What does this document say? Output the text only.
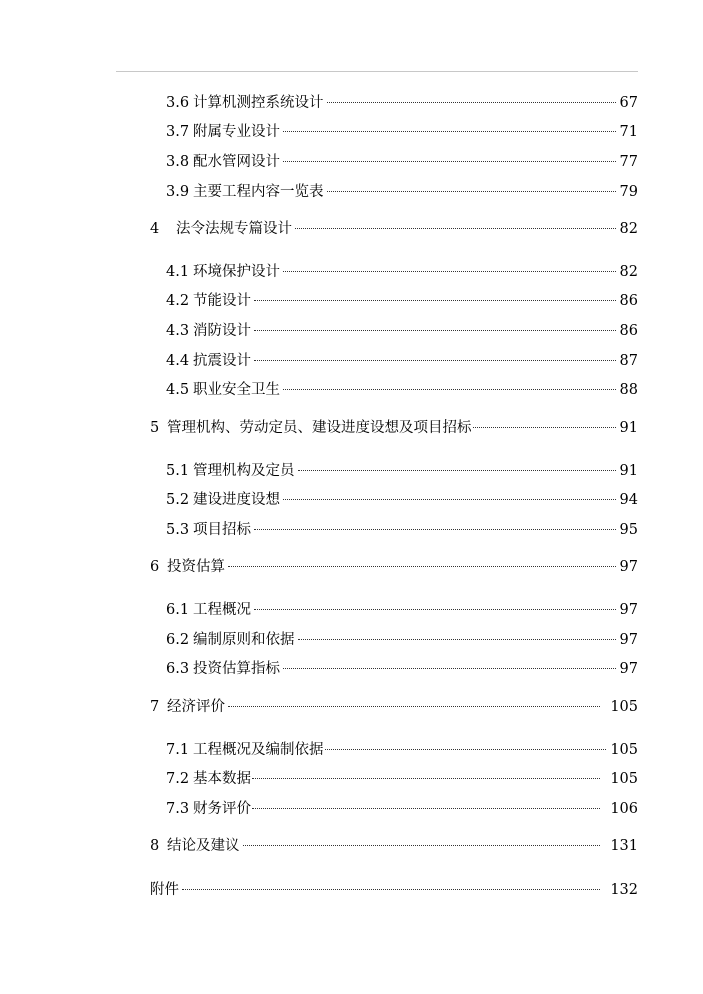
3.6 计算机测控系统设计	67
3.7 附属专业设计	71
3.8 配水管网设计	77
3.9 主要工程内容一览表	79
4	法令法规专篇设计	82
4.1 环境保护设计	82
4.2 节能设计	86
4.3 消防设计	86
4.4 抗震设计	87
4.5 职业安全卫生	88
5 管理机构、劳动定员、建设进度设想及项目招标	91
5.1 管理机构及定员	91
5.2 建设进度设想	94
5.3 项目招标	95
6 投资估算	97
6.1 工程概况	97
6.2 编制原则和依据	97
6.3 投资估算指标	97
7 经济评价	105
7.1 工程概况及编制依据	105
7.2 基本数据	105
7.3 财务评价	106
8 结论及建议	131
附件	132
